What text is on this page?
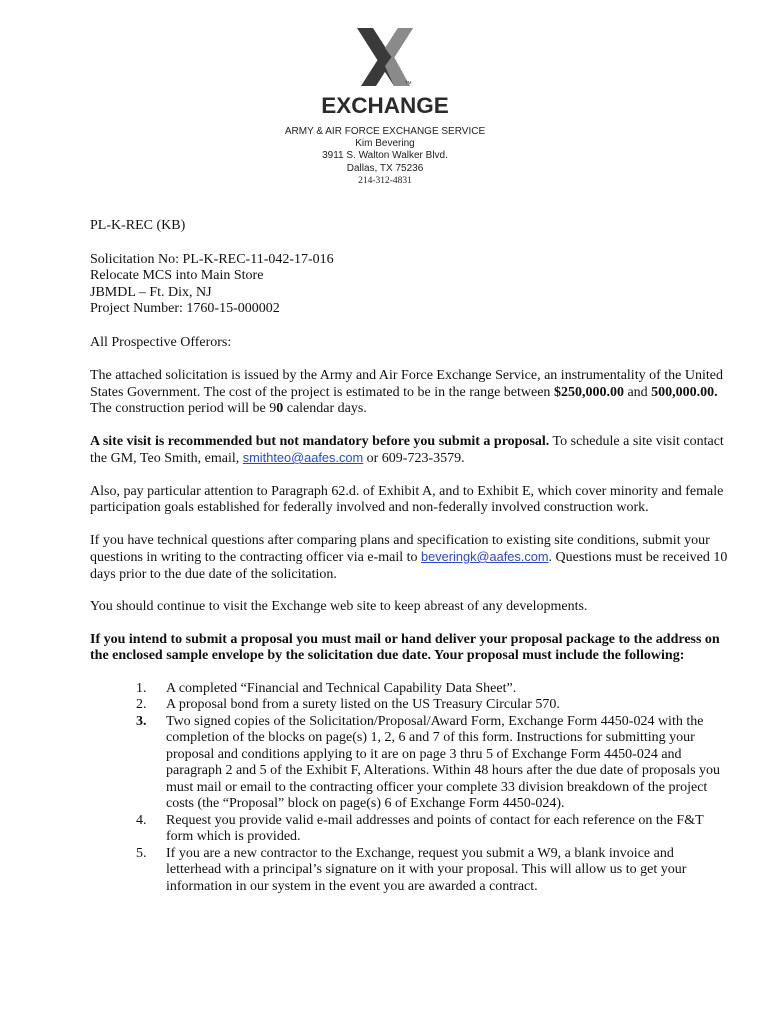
TM
EXCHANGE
ARMY & AIR FORCE EXCHANGE SERVICE
Kim Bevering
3911 S. Walton Walker Blvd.
Dallas, TX 75236
214-312-4831

PL-K-REC (KB)

Solicitation No: PL-K-REC-11-042-17-016

Relocate MCS into Main Store

JBMDL – Ft. Dix, NJ

Project Number: 1760-15-000002

All Prospective Offerors:

The attached solicitation is issued by the Army and Air Force Exchange Service, an instrumentality of the United States Government. The cost of the project is estimated to be in the range between $250,000.00 and 500,000.00. The construction period will be 90 calendar days.

A site visit is recommended but not mandatory before you submit a proposal. To schedule a site visit contact the GM, Teo Smith, email, smithteo@aafes.com or 609-723-3579.

Also, pay particular attention to Paragraph 62.d. of Exhibit A, and to Exhibit E, which cover minority and female participation goals established for federally involved and non-federally involved construction work.

If you have technical questions after comparing plans and specification to existing site conditions, submit your questions in writing to the contracting officer via e-mail to beveringk@aafes.com. Questions must be received 10 days prior to the due date of the solicitation.

You should continue to visit the Exchange web site to keep abreast of any developments.

If you intend to submit a proposal you must mail or hand deliver your proposal package to the address on the enclosed sample envelope by the solicitation due date. Your proposal must include the following:

1. A completed “Financial and Technical Capability Data Sheet”.
2. A proposal bond from a surety listed on the US Treasury Circular 570.
3. Two signed copies of the Solicitation/Proposal/Award Form, Exchange Form 4450-024 with the completion of the blocks on page(s) 1, 2, 6 and 7 of this form. Instructions for submitting your proposal and conditions applying to it are on page 3 thru 5 of Exchange Form 4450-024 and paragraph 2 and 5 of the Exhibit F, Alterations. Within 48 hours after the due date of proposals you must mail or email to the contracting officer your complete 33 division breakdown of the project costs (the “Proposal” block on page(s) 6 of Exchange Form 4450-024).
4. Request you provide valid e-mail addresses and points of contact for each reference on the F&T form which is provided.
5. If you are a new contractor to the Exchange, request you submit a W9, a blank invoice and letterhead with a principal’s signature on it with your proposal. This will allow us to get your information in our system in the event you are awarded a contract.
